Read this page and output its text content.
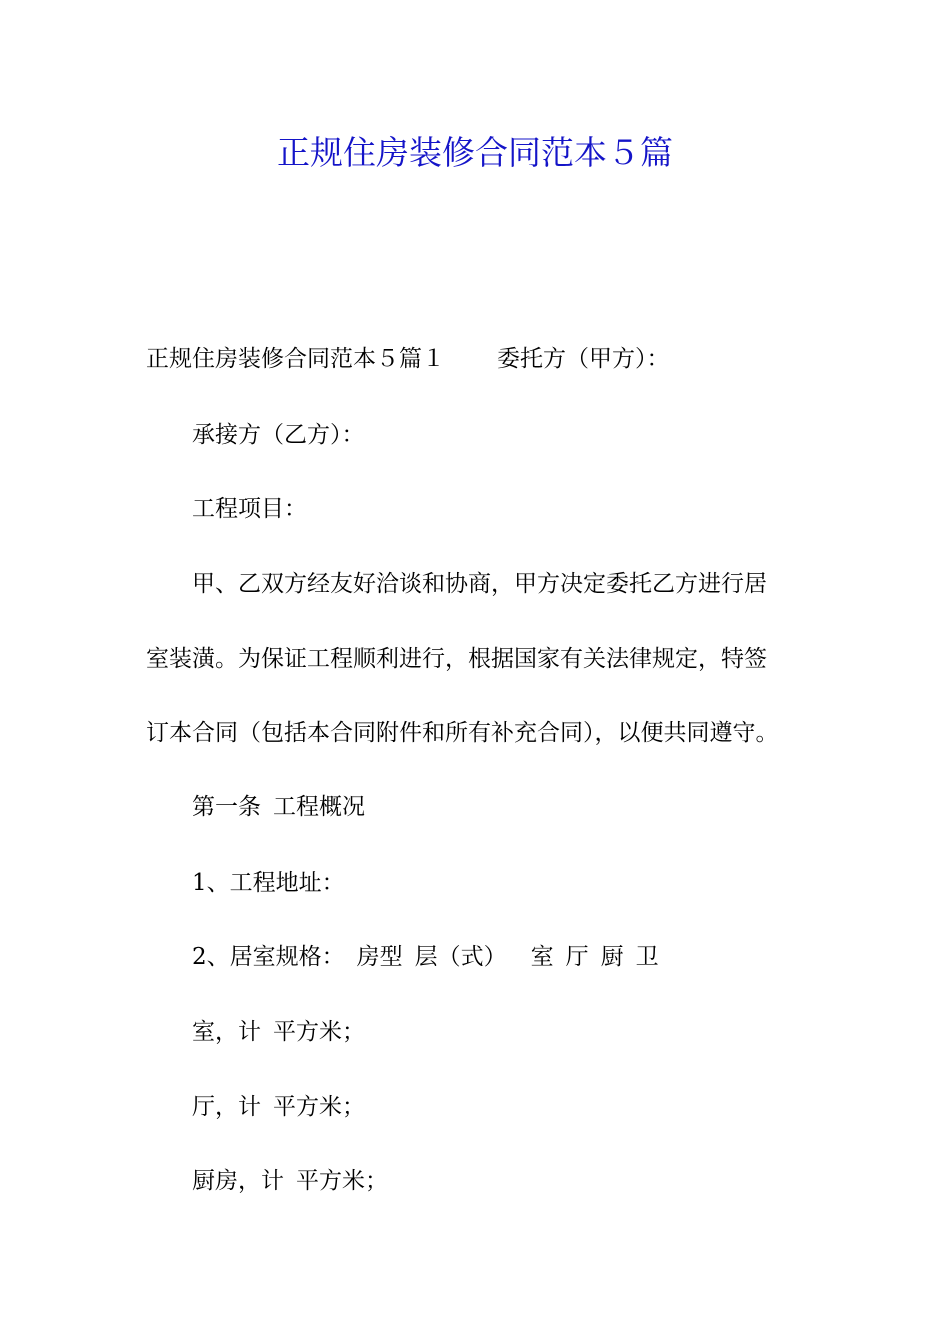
正规住房装修合同范本５篇
正规住房装修合同范本５篇１ 委托方（甲方）：
承接方（乙方）：
工程项目：
甲、乙双方经友好洽谈和协商，甲方决定委托乙方进行居
室装潢。为保证工程顺利进行，根据国家有关法律规定，特签
订本合同（包括本合同附件和所有补充合同），以便共同遵守。
第一条 工程概况
1、工程地址：
2、居室规格： 房型 层（式） 室 厅 厨 卫
室，计 平方米；
厅，计 平方米；
厨房，计 平方米；
